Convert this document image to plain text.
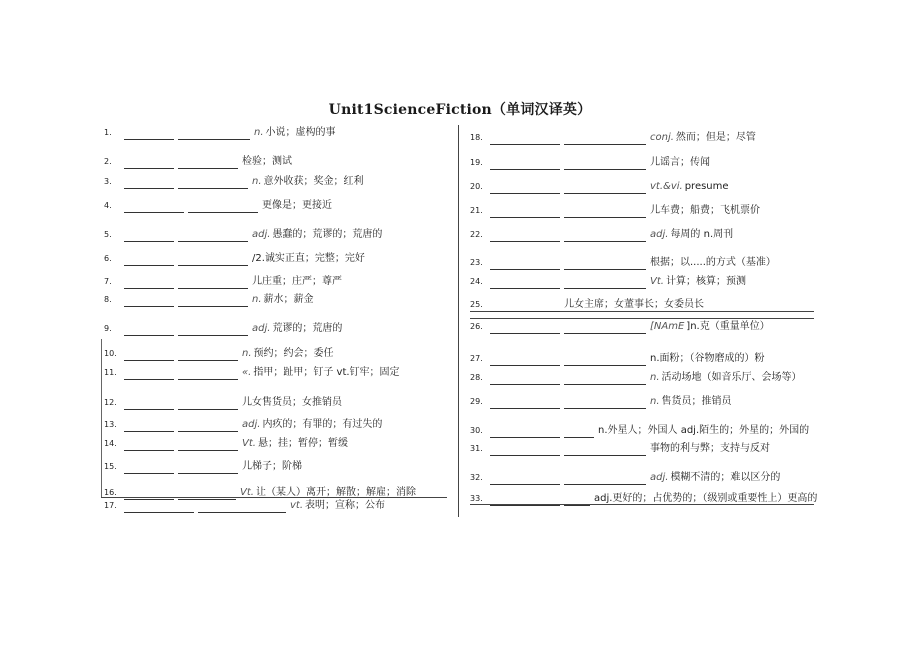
Unit1ScienceFiction（单词汉译英）
1.	n. 小说；虚构的事
2.	检验；测试
3.	n. 意外收获；奖金；红利
4.	更像是；更接近
5.	adj. 愚蠢的；荒谬的；荒唐的
6.	/2.诚实正直；完整；完好
7.	儿庄重；庄严；尊严
8.	n. 薪水；薪金
9.	adj. 荒谬的；荒唐的
10.	n. 预约；约会；委任
11.	«. 指甲；趾甲；钉子 vt.钉牢；固定
12.	儿女售货员；女推销员
13.	adj. 内疚的；有罪的；有过失的
14.	Vt. 悬；挂；暂停；暂缓
15.	儿梯子；阶梯
16.	Vt. 让（某人）离开；解散；解雇；消除
17.	vt. 表明；宣称；公布
18.	conj. 然而；但是；尽管
19.	儿谣言；传闻
20.	vt.&vi. presume
21.	儿车费；船费；飞机票价
22.	adj. 每周的 n.周刊
23.	根据；以.....的方式（基准）
24.	Vt. 计算；核算；预测
25.	儿女主席；女董事长；女委员长
26.	[NAmE ]n.克（重量单位）
27.	n.面粉；（谷物磨成的）粉
28.	n. 活动场地（如音乐厅、会场等）
29.	n. 售货员；推销员
30.	n.外星人；外国人 adj.陌生的；外星的；外国的
31.	事物的利与弊；支持与反对
32.	adj. 模糊不清的；难以区分的
33.	adj.更好的；占优势的；（级别或重要性上）更高的
